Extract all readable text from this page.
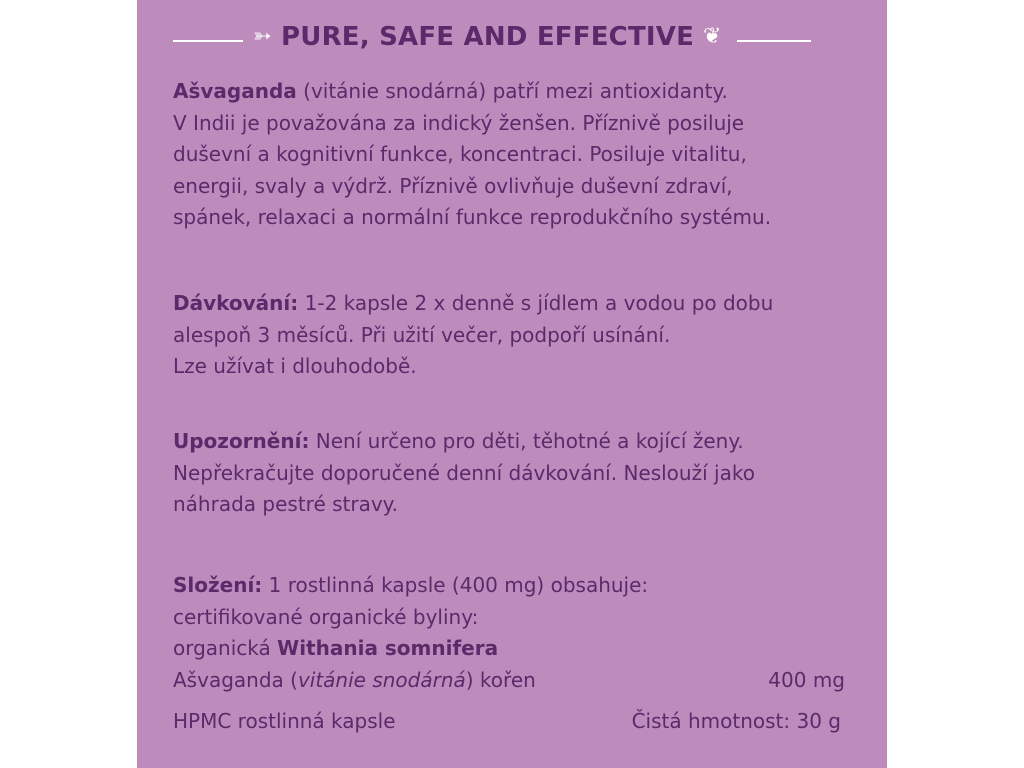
➳ PURE, SAFE AND EFFECTIVE ❦

Ašvaganda (vitánie snodárná) patří mezi antioxidanty.

V Indii je považována za indický ženšen. Příznivě posiluje

duševní a kognitivní funkce, koncentraci. Posiluje vitalitu,

energii, svaly a výdrž. Příznivě ovlivňuje duševní zdraví,

spánek, relaxaci a normální funkce reprodukčního systému.

Dávkování: 1-2 kapsle 2 x denně s jídlem a vodou po dobu

alespoň 3 měsíců. Při užití večer, podpoří usínání.

Lze užívat i dlouhodobě.

Upozornění: Není určeno pro děti, těhotné a kojící ženy.

Nepřekračujte doporučené denní dávkování. Neslouží jako

náhrada pestré stravy.

Složení: 1 rostlinná kapsle (400 mg) obsahuje:

certifikované organické byliny:

organická Withania somnifera

Ašvaganda (vitánie snodárná) kořen	400 mg

HPMC rostlinná kapsle	Čistá hmotnost: 30 g
